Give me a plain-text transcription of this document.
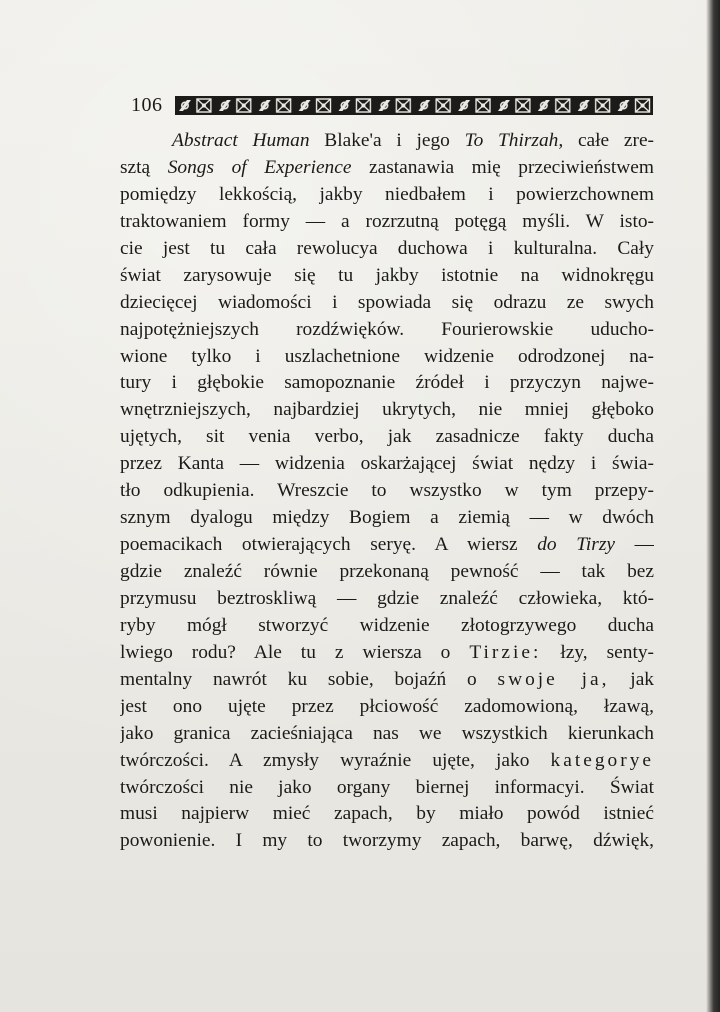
106
Abstract Human Blake'a i jego To Thirzah, całe zre-
sztą Songs of Experience zastanawia mię przeciwieństwem
pomiędzy lekkością, jakby niedbałem i powierzchownem
traktowaniem formy — a rozrzutną potęgą myśli. W isto-
cie jest tu cała rewolucya duchowa i kulturalna. Cały
świat zarysowuje się tu jakby istotnie na widnokręgu
dziecięcej wiadomości i spowiada się odrazu ze swych
najpotężniejszych rozdźwięków. Fourierowskie uducho-
wione tylko i uszlachetnione widzenie odrodzonej na-
tury i głębokie samopoznanie źródeł i przyczyn najwe-
wnętrzniejszych, najbardziej ukrytych, nie mniej głęboko
ujętych, sit venia verbo, jak zasadnicze fakty ducha
przez Kanta — widzenia oskarżającej świat nędzy i świa-
tło odkupienia. Wreszcie to wszystko w tym przepy-
sznym dyalogu między Bogiem a ziemią — w dwóch
poemacikach otwierających seryę. A wiersz do Tirzy —
gdzie znaleźć równie przekonaną pewność — tak bez
przymusu beztroskliwą — gdzie znaleźć człowieka, któ-
ryby mógł stworzyć widzenie złotogrzywego ducha
lwiego rodu? Ale tu z wiersza o Tirzie: łzy, senty-
mentalny nawrót ku sobie, bojaźń o swoje ja, jak
jest ono ujęte przez płciowość zadomowioną, łzawą,
jako granica zacieśniająca nas we wszystkich kierunkach
twórczości. A zmysły wyraźnie ujęte, jako kategorye
twórczości nie jako organy biernej informacyi. Świat
musi najpierw mieć zapach, by miało powód istnieć
powonienie. I my to tworzymy zapach, barwę, dźwięk,
